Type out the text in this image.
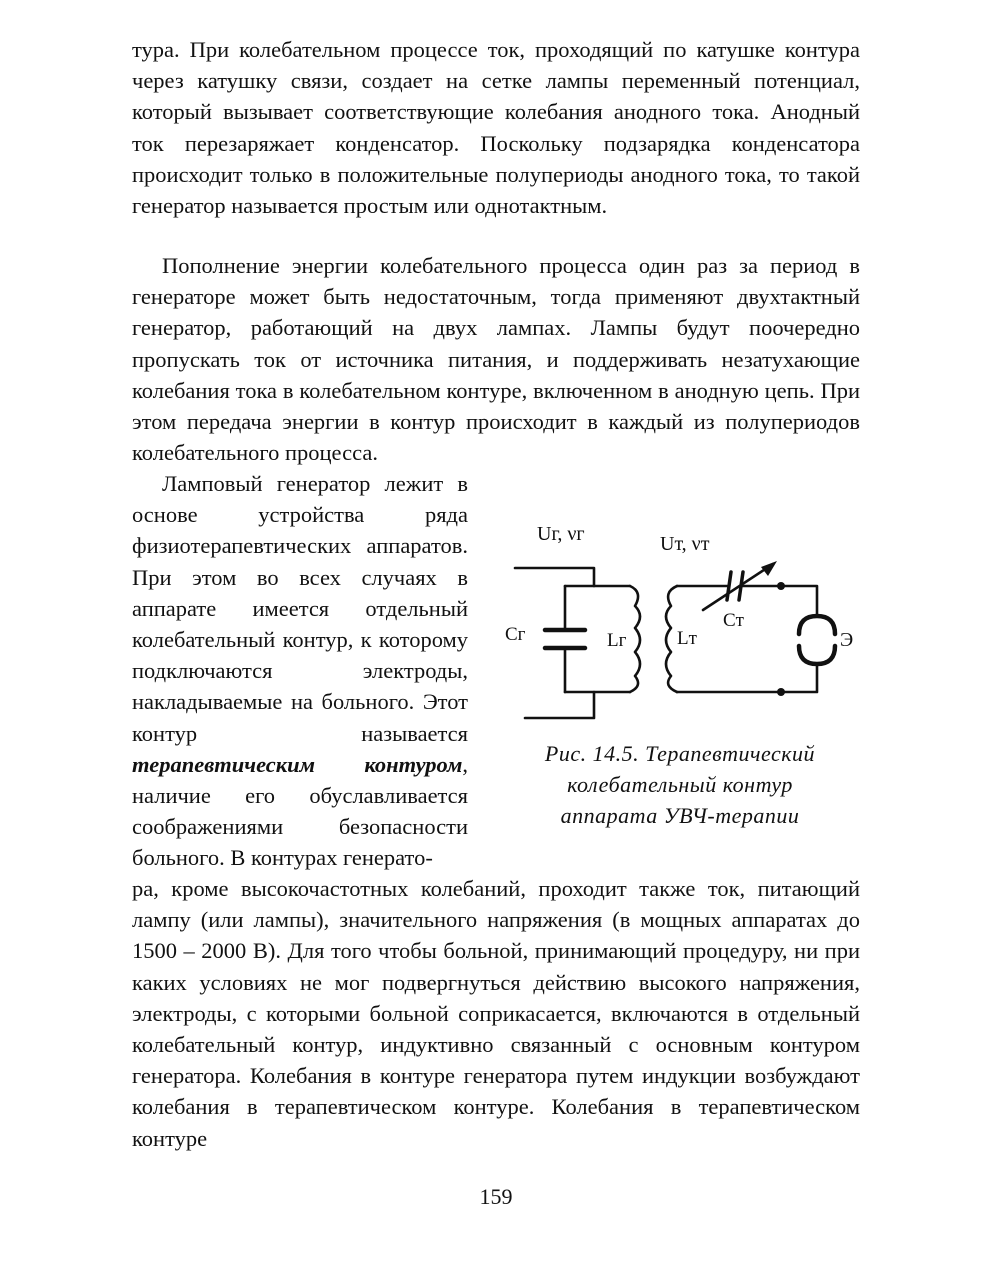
тура. При колебательном процессе ток, проходящий по катушке контура через катушку связи, создает на сетке лампы переменный потенциал, который вызывает соответствующие колебания анодного тока. Анодный ток перезаряжает конденсатор. Поскольку подзарядка конденсатора происходит только в положительные полупериоды анодного тока, то такой генератор называется простым или однотактным.

Пополнение энергии колебательного процесса один раз за период в генераторе может быть недостаточным, тогда применяют двухтактный генератор, работающий на двух лампах. Лампы будут поочередно пропускать ток от источника питания, и поддерживать незатухающие колебания тока в колебательном контуре, включенном в анодную цепь. При этом передача энергии в контур происходит в каждый из полупериодов колебательного процесса.

Ламповый генератор лежит в основе устройства ряда физиотерапевтических аппаратов. При этом во всех случаях в аппарате имеется отдельный колебательный контур, к которому подключаются электроды, накладываемые на больного. Этот контур называется терапевтическим контуром, наличие его обуславливается соображениями безопасности больного. В контурах генерато-

Uг, νг	Uт, νт
Cг	Lг	Lт
Cт
Э
Рис. 14.5. Терапевтический
колебательный контур
аппарата УВЧ-терапии

ра, кроме высокочастотных колебаний, проходит также ток, питающий лампу (или лампы), значительного напряжения (в мощных аппаратах до 1500 – 2000 В). Для того чтобы больной, принимающий процедуру, ни при каких условиях не мог подвергнуться действию высокого напряжения, электроды, с которыми больной соприкасается, включаются в отдельный колебательный контур, индуктивно связанный с основным контуром генератора. Колебания в контуре генератора путем индукции возбуждают колебания в терапевтическом контуре. Колебания в терапевтическом контуре

159
